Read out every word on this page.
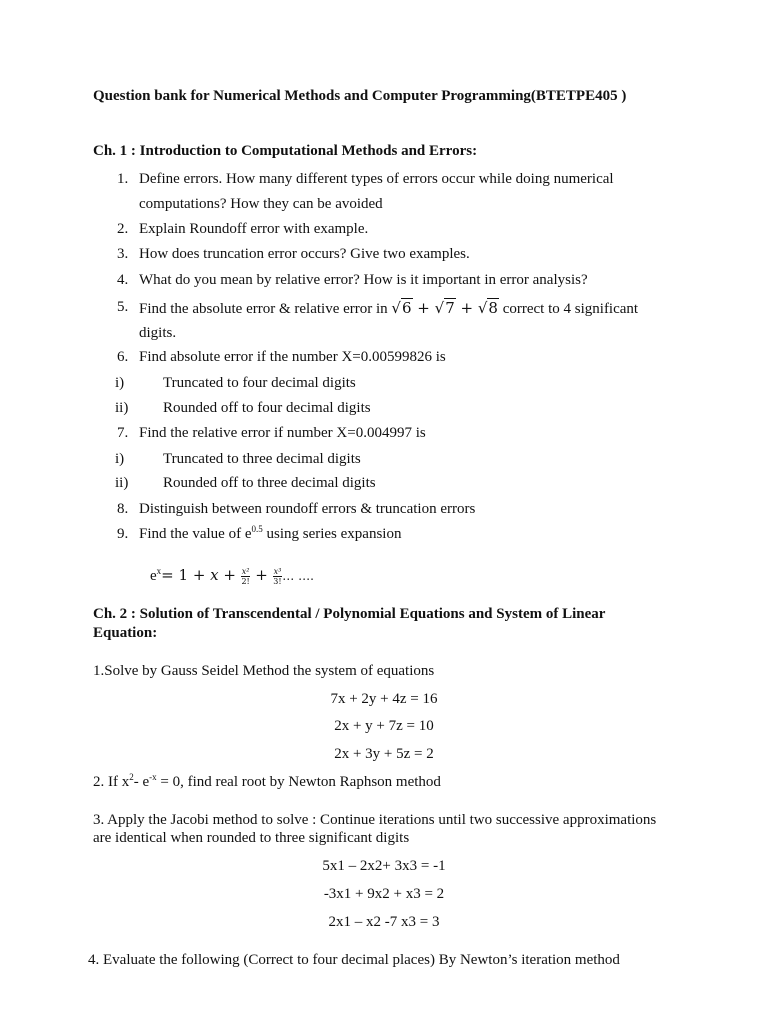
Question bank for Numerical Methods and Computer Programming(BTETPE405 )
Ch. 1 : Introduction to Computational Methods and Errors:
1. Define errors. How many different types of errors occur while doing numerical
computations? How they can be avoided
2. Explain Roundoff error with example.
3. How does truncation error occurs? Give two examples.
4. What do you mean by relative error? How is it important in error analysis?
5. Find the absolute error & relative error in √6 + √7 + √8 correct to 4 significant
digits.
6. Find absolute error if the number X=0.00599826 is
i)	Truncated to four decimal digits
ii) Rounded off to four decimal digits
7. Find the relative error if number X=0.004997 is
i)	Truncated to three decimal digits
ii) Rounded off to three decimal digits
8. Distinguish between roundoff errors & truncation errors
9. Find the value of $e^{0.5}$ using series expansion
$e^x= 1 + x + \frac{\text{x²}}{2!} + \frac{\text{x³}}{3!}$ … ….
Ch. 2 : Solution of Transcendental / Polynomial Equations and System of Linear
Equation:
1.Solve by Gauss Seidel Method the system of equations
7x + 2y + 4z = 16
2x + y + 7z = 10
2x + 3y + 5z = 2
2. If $x^2-$ $e^{-x} = 0$, find real root by Newton Raphson method
3. Apply the Jacobi method to solve : Continue iterations until two successive approximations
are identical when rounded to three significant digits
5x1 – 2x2+ 3x3 = -1
-3x1 + 9x2 + x3 = 2
2x1 – x2 -7 x3 = 3
4. Evaluate the following (Correct to four decimal places) By Newton’s iteration method
